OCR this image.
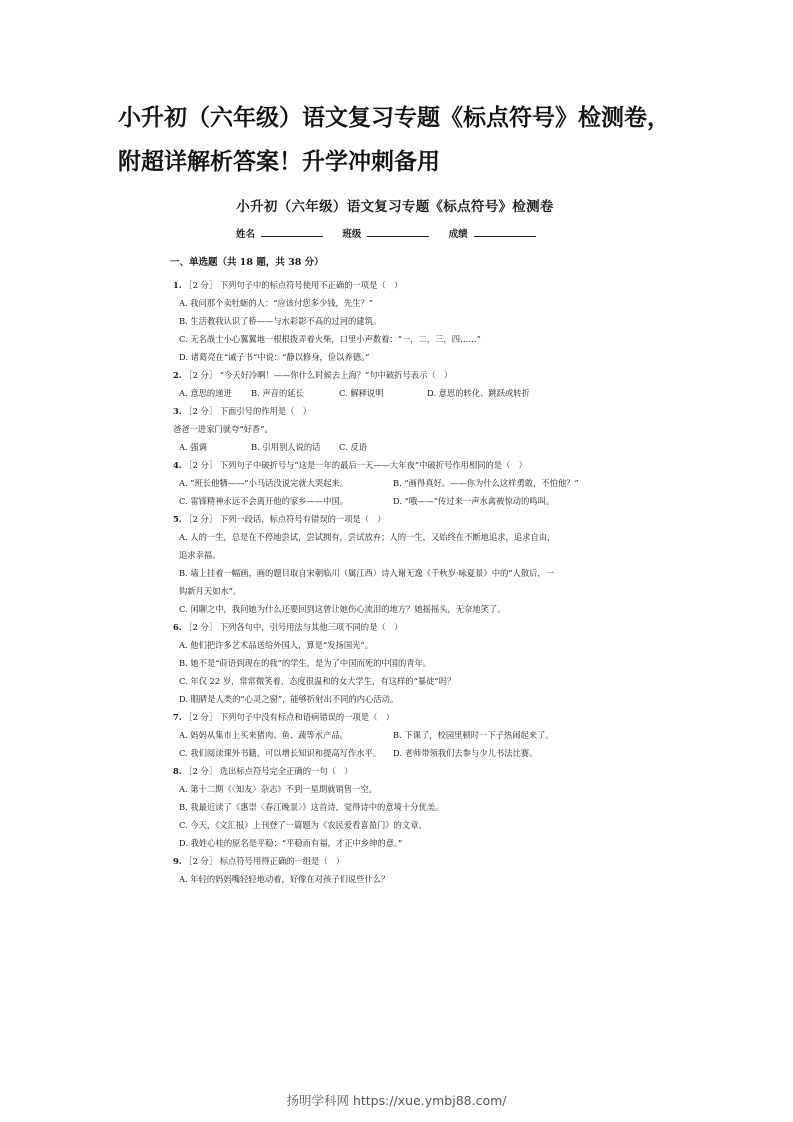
小升初（六年级）语文复习专题《标点符号》检测卷，
附超详解析答案！升学冲刺备用
小升初（六年级）语文复习专题《标点符号》检测卷
姓名	班级	成绩
一、单选题（共 18 题，共 38 分）
1. ［2 分］ 下列句子中的标点符号使用不正确的一项是（　）
A. 我问那个卖牡蛎的人：“应该付您多少钱，先生？”
B. 生活教我认识了桥——与水彩影不高的过河的建筑。
C. 无名战士小心翼翼地一根根拨弄着火柴，口里小声数着：“一，二，三，四……”
D. 诸葛亮在“诫子书”中说：“静以修身，俭以养德。”
2. ［2 分］ “今天好冷啊！——你什么时候去上海？”句中破折号表示（　）
A. 意思的递进	B. 声音的延长	C. 解释说明	D. 意思的转化、跳跃或转折
3. ［2 分］ 下面引号的作用是（　）
爸爸一进家门就夸“好香”。
A. 强调	B. 引用别人说的话	C. 反语
4. ［2 分］ 下列句子中破折号与“这是一年的最后一天——大年夜”中破折号作用相同的是（　）
A. “班长他牺——”小马话没说完就大哭起来。	B. “画得真好。——你为什么这样勇敢，不怕他？”
C. 雷锋精神永远不会离开他的家乡——中国。	D. “哦——”传过来一声水禽被惊动的鸣叫。
5. ［2 分］ 下列一段话，标点符号有错误的一项是（　）
A. 人的一生，总是在不停地尝试，尝试拥有，尝试放弃；人的一生，又始终在不断地追求，追求自由，
追求幸福。
B. 墙上挂着一幅画，画的题目取自宋朝临川（属江西）诗人谢无逸《千秋岁·咏夏景》中的“人散后，一
钩新月天如水”。
C. 闲聊之中，我问她为什么还要回到这曾让她伤心流泪的地方？她摇摇头，无奈地笑了。
6. ［2 分］ 下列各句中，引号用法与其他三项不同的是（　）
A. 他们把许多艺术品送给外国人，算是“发扬国光”。
B. 她不是“莳语到现在的我”的学生，是为了中国而死的中国的青年。
C. 年仅 22 岁，常常微笑着，态度很温和的女大学生，有这样的“暴徒”吗？
D. 眼睛是人类的“心灵之窗”，能够折射出不同的内心活动。
7. ［2 分］ 下列句子中没有标点和语病错误的一项是（　）
A. 妈妈从集市上买来猪肉、鱼、蔬等水产品。	B. 下课了，校园里顿时一下子热闹起来了。
C. 我们阅读课外书籍，可以增长知识和提高写作水平。	D. 老师带领我们去参与少儿书法比赛。
8. ［2 分］ 选出标点符号完全正确的一句（　）
A. 第十二期《〈知友〉杂志》不到一星期就销售一空。
B. 我最近读了《惠崇〈春江晚景〉》这首诗，觉得诗中的意境十分优美。
C. 今天，《文汇报》上刊登了一篇题为《农民爱看喜盈门》的文章。
D. 我姓心桂的原名是平稳：“平稳而有福，才正中乡绅的意。”
9. ［2 分］ 标点符号用得正确的一组是（　）
A. 年轻的妈妈嘴轻轻地动着，好像在对孩子们说些什么？
扬明学科网 https://xue.ymbj88.com/
